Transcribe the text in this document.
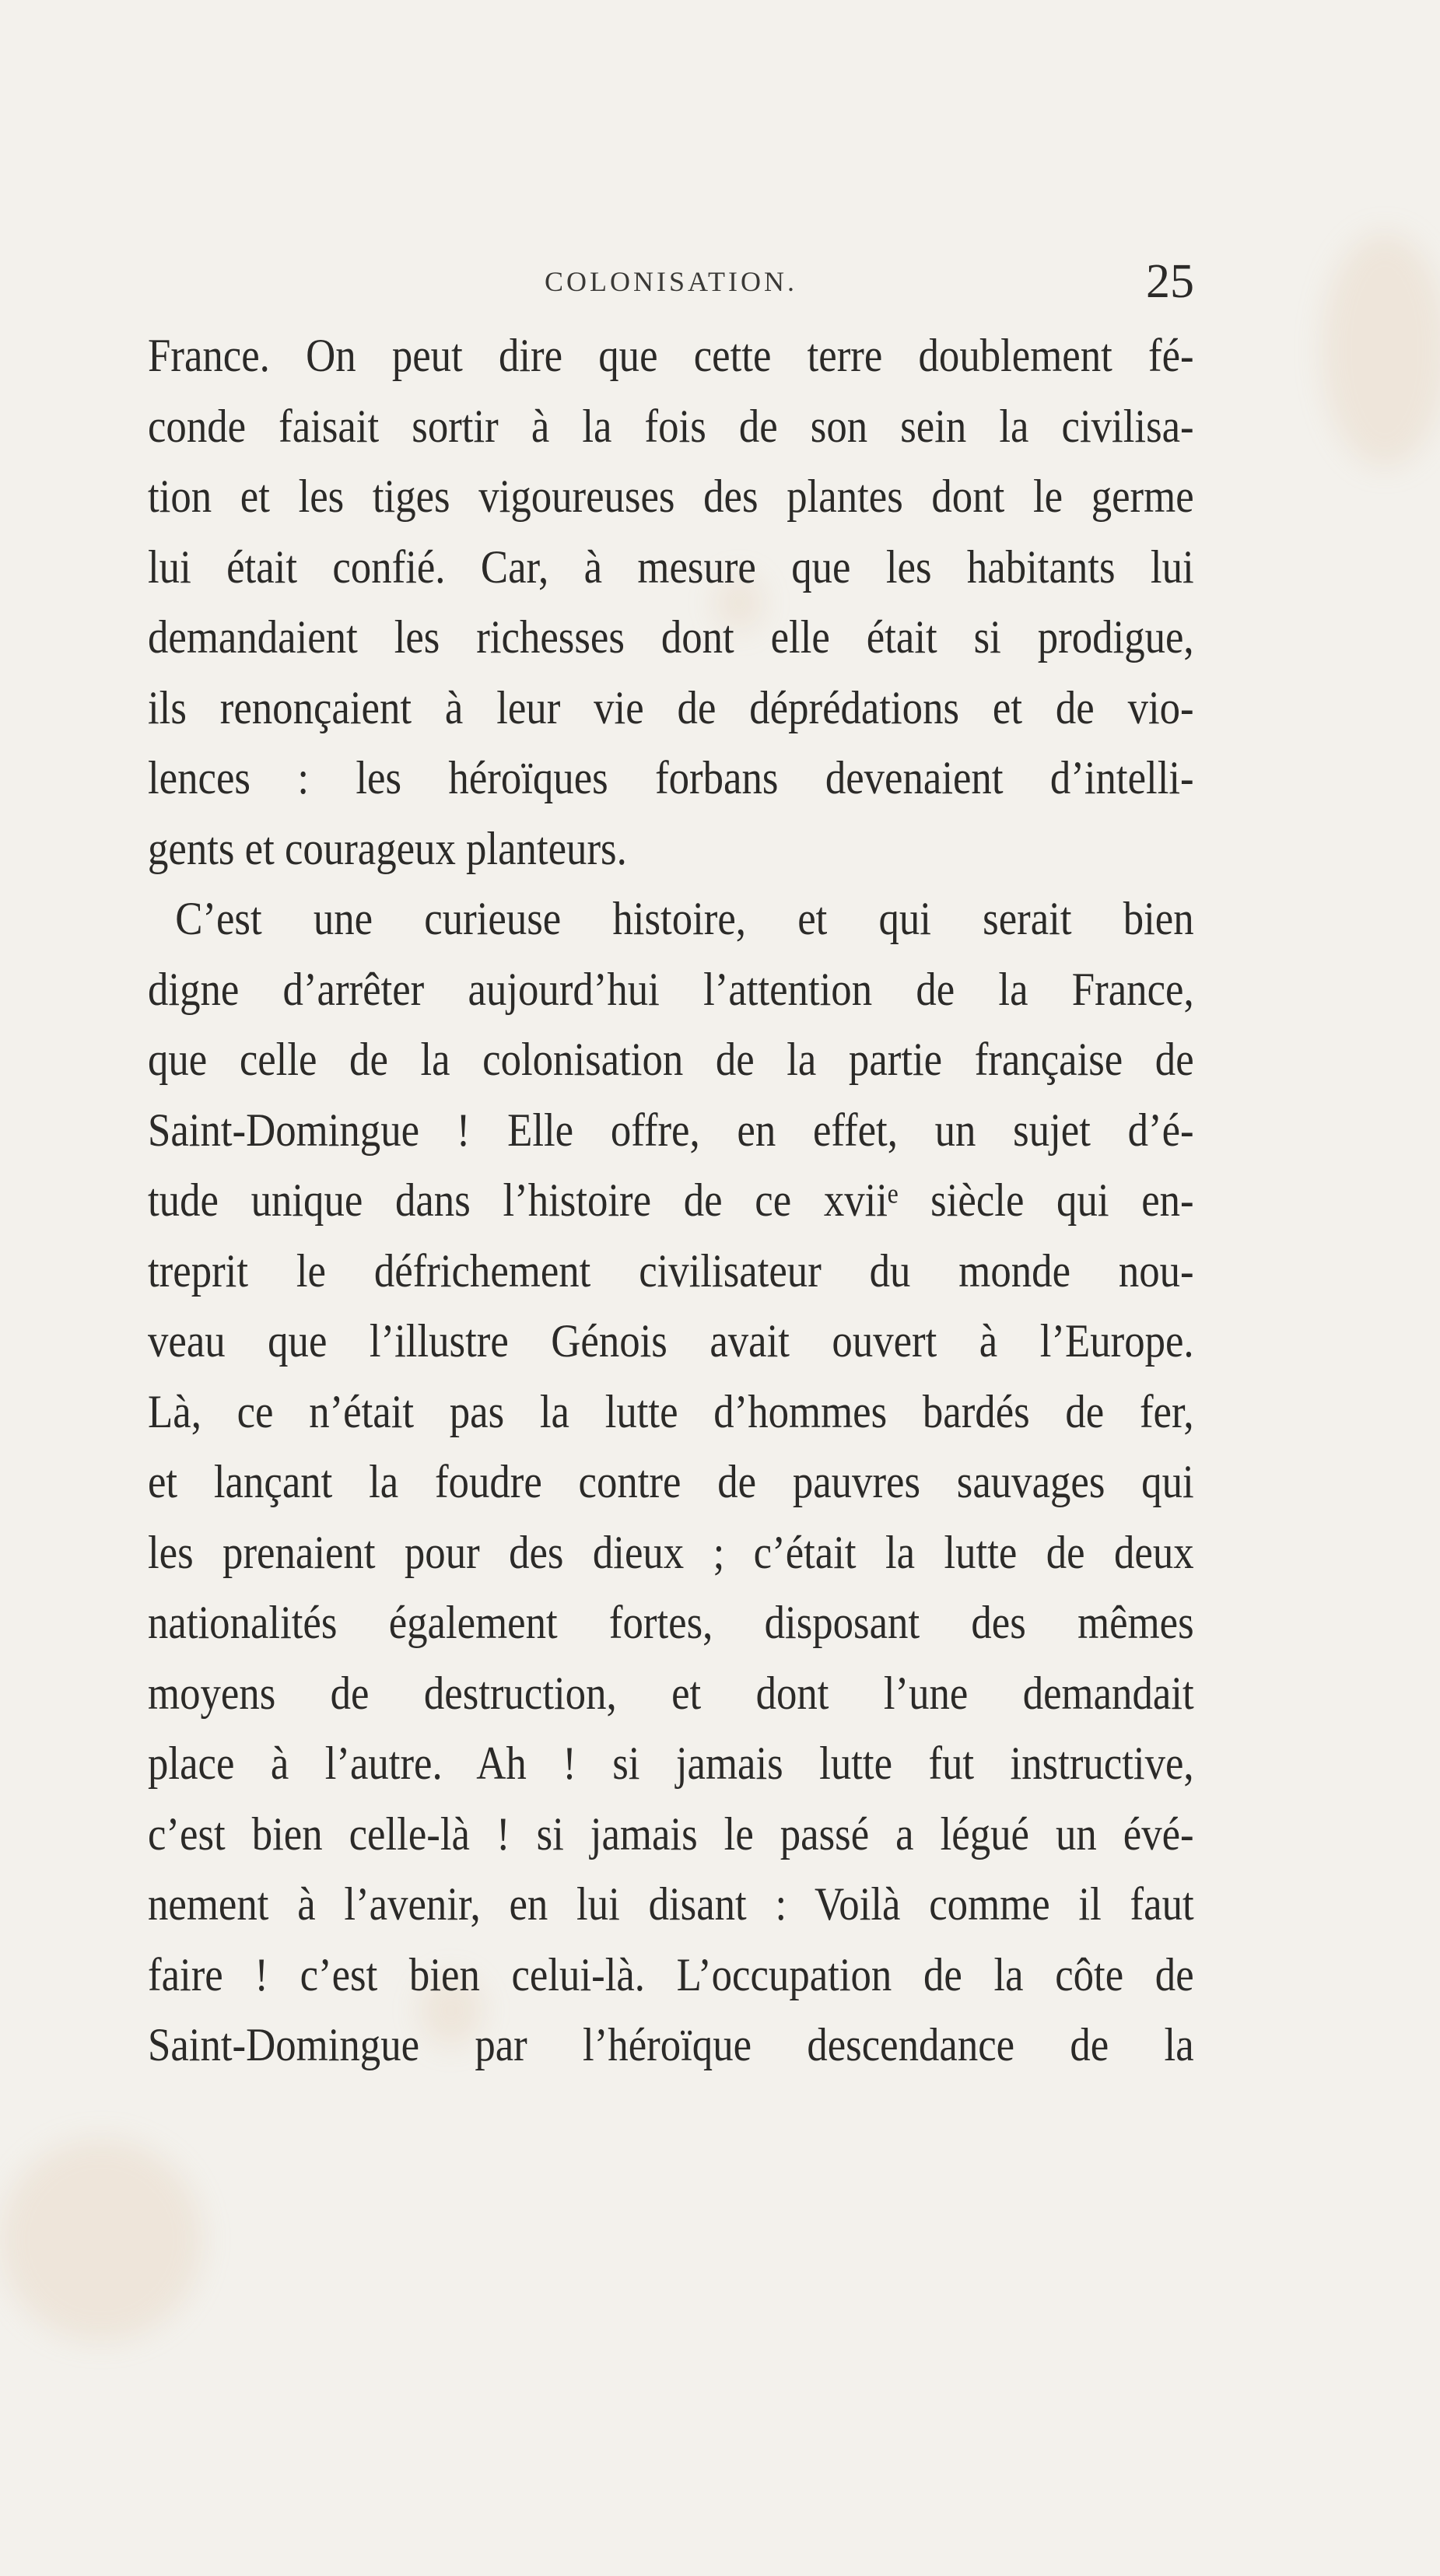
COLONISATION.	25
France. On peut dire que cette terre doublement fé-
conde faisait sortir à la fois de son sein la civilisa-
tion et les tiges vigoureuses des plantes dont le germe
lui était confié. Car, à mesure que les habitants lui
demandaient les richesses dont elle était si prodigue,
ils renonçaient à leur vie de déprédations et de vio-
lences : les héroïques forbans devenaient d’intelli-
gents et courageux planteurs.
C’est une curieuse histoire, et qui serait bien
digne d’arrêter aujourd’hui l’attention de la France,
que celle de la colonisation de la partie française de
Saint-Domingue ! Elle offre, en effet, un sujet d’é-
tude unique dans l’histoire de ce xviiᵉ siècle qui en-
treprit le défrichement civilisateur du monde nou-
veau que l’illustre Génois avait ouvert à l’Europe.
Là, ce n’était pas la lutte d’hommes bardés de fer,
et lançant la foudre contre de pauvres sauvages qui
les prenaient pour des dieux ; c’était la lutte de deux
nationalités également fortes, disposant des mêmes
moyens de destruction, et dont l’une demandait
place à l’autre. Ah ! si jamais lutte fut instructive,
c’est bien celle-là ! si jamais le passé a légué un évé-
nement à l’avenir, en lui disant : Voilà comme il faut
faire ! c’est bien celui-là. L’occupation de la côte de
Saint-Domingue par l’héroïque descendance de la
